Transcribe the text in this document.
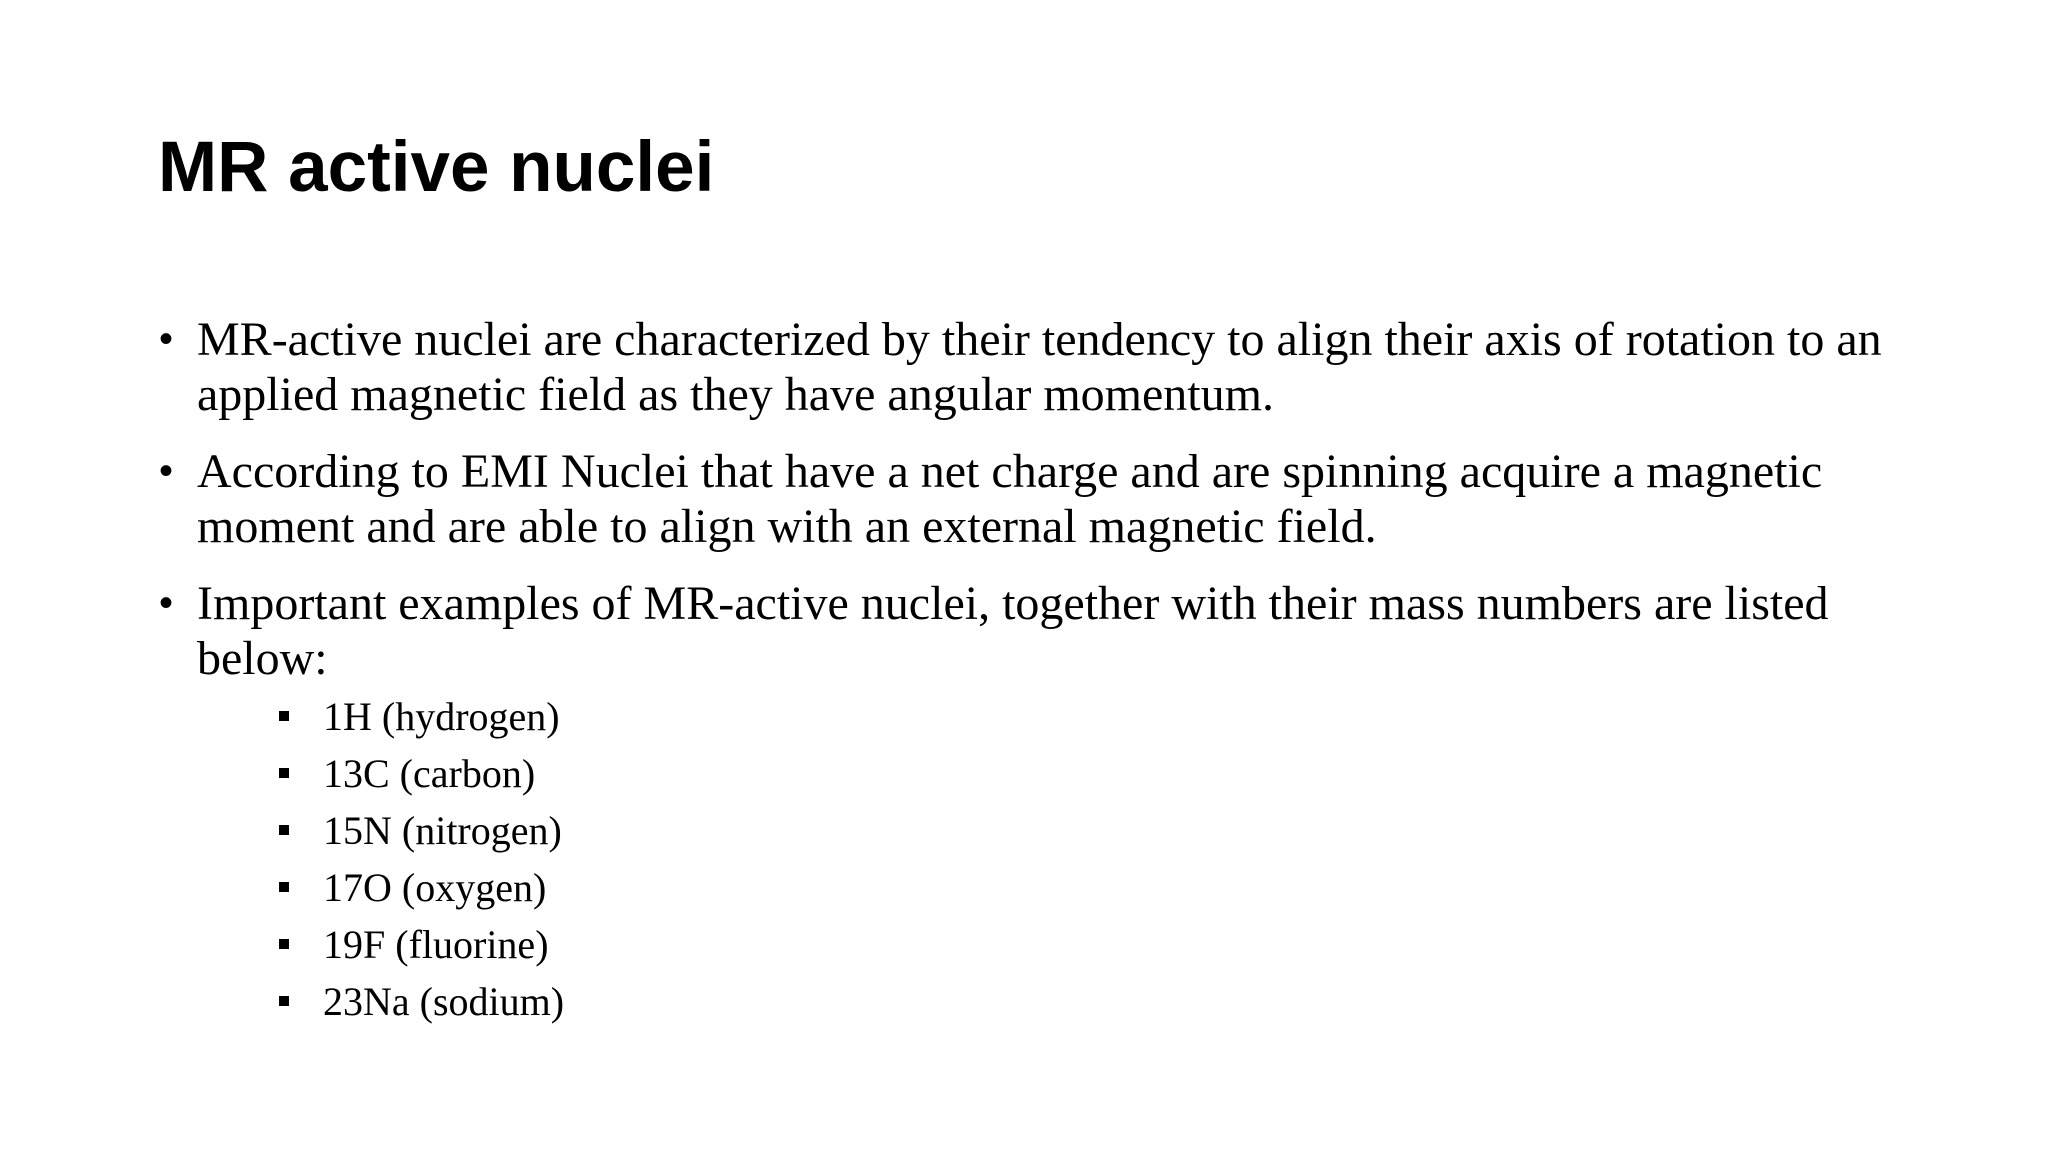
MR active nuclei
• MR-active nuclei are characterized by their tendency to align their axis of rotation to an applied magnetic field as they have angular momentum.
• According to EMI Nuclei that have a net charge and are spinning acquire a magnetic moment and are able to align with an external magnetic field.
• Important examples of MR-active nuclei, together with their mass numbers are listed below:
1H (hydrogen)
13C (carbon)
15N (nitrogen)
17O (oxygen)
19F (fluorine)
23Na (sodium)
